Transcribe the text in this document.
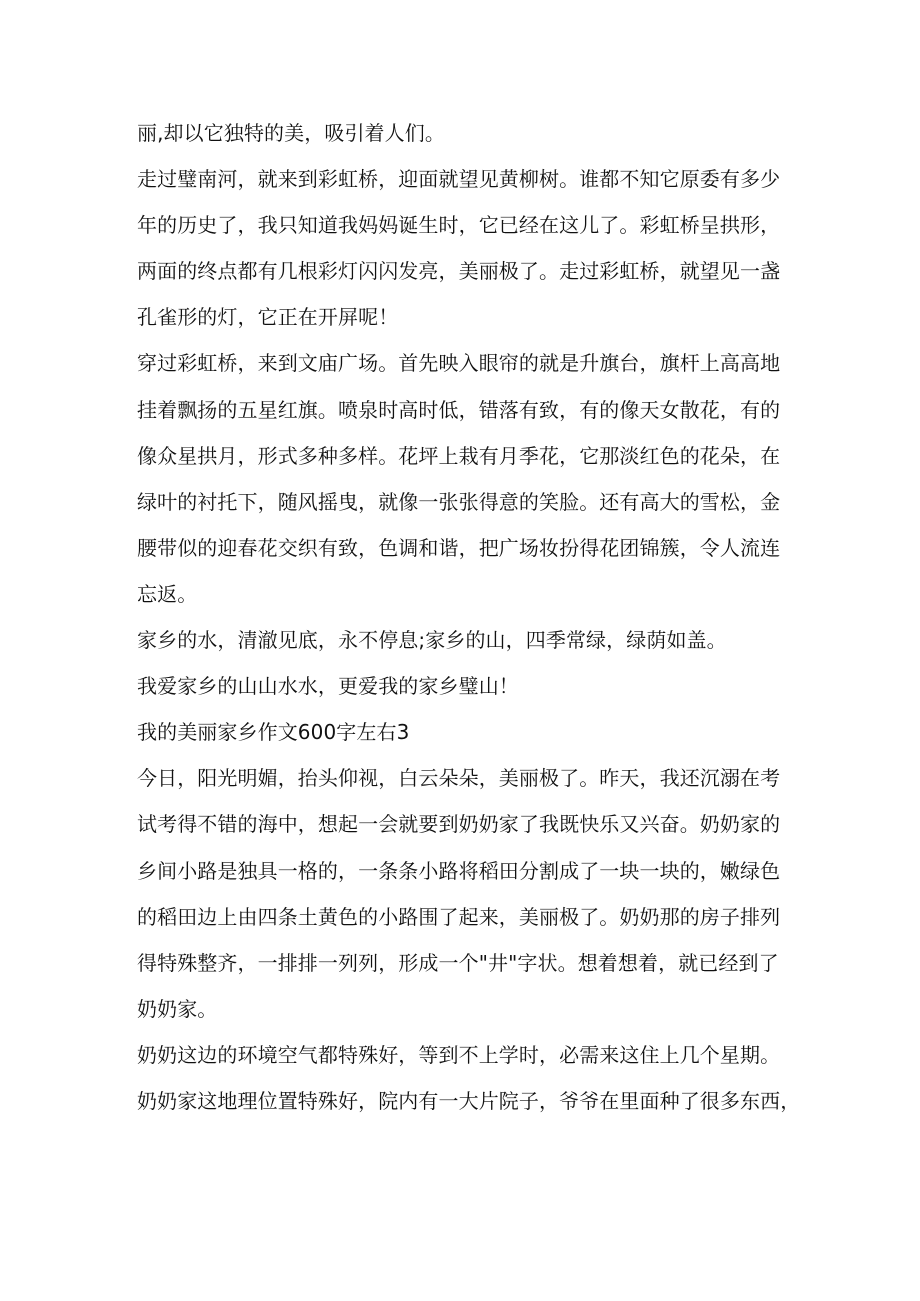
丽,却以它独特的美，吸引着人们。
走过璧南河，就来到彩虹桥，迎面就望见黄柳树。谁都不知它原委有多少
年的历史了，我只知道我妈妈诞生时，它已经在这儿了。彩虹桥呈拱形，
两面的终点都有几根彩灯闪闪发亮，美丽极了。走过彩虹桥，就望见一盏
孔雀形的灯，它正在开屏呢！
穿过彩虹桥，来到文庙广场。首先映入眼帘的就是升旗台，旗杆上高高地
挂着飘扬的五星红旗。喷泉时高时低，错落有致，有的像天女散花，有的
像众星拱月，形式多种多样。花坪上栽有月季花，它那淡红色的花朵，在
绿叶的衬托下，随风摇曳，就像一张张得意的笑脸。还有高大的雪松，金
腰带似的迎春花交织有致，色调和谐，把广场妆扮得花团锦簇，令人流连
忘返。
家乡的水，清澈见底，永不停息;家乡的山，四季常绿，绿荫如盖。
我爱家乡的山山水水，更爱我的家乡璧山！
我的美丽家乡作文600字左右3
今日，阳光明媚，抬头仰视，白云朵朵，美丽极了。昨天，我还沉溺在考
试考得不错的海中，想起一会就要到奶奶家了我既快乐又兴奋。奶奶家的
乡间小路是独具一格的，一条条小路将稻田分割成了一块一块的，嫩绿色
的稻田边上由四条土黄色的小路围了起来，美丽极了。奶奶那的房子排列
得特殊整齐，一排排一列列，形成一个"井"字状。想着想着，就已经到了
奶奶家。
奶奶这边的环境空气都特殊好，等到不上学时，必需来这住上几个星期。
奶奶家这地理位置特殊好，院内有一大片院子，爷爷在里面种了很多东西，
